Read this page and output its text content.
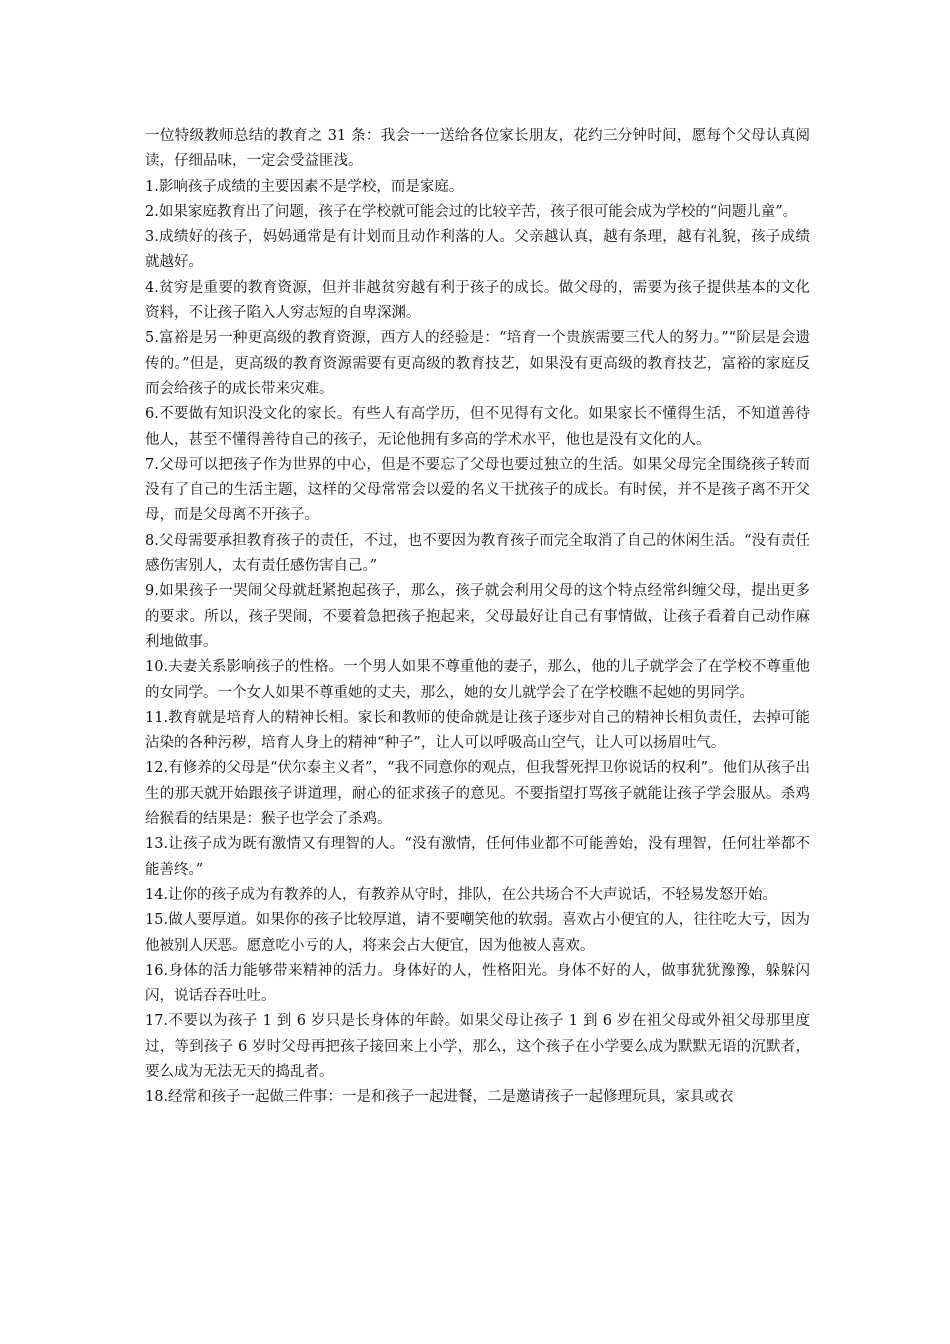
一位特级教师总结的教育之 31 条：我会一一送给各位家长朋友，花约三分钟时间，愿每个父母认真阅读，仔细品味，一定会受益匪浅。

1.影响孩子成绩的主要因素不是学校，而是家庭。

2.如果家庭教育出了问题，孩子在学校就可能会过的比较辛苦，孩子很可能会成为学校的“问题儿童”。

3.成绩好的孩子，妈妈通常是有计划而且动作利落的人。父亲越认真，越有条理，越有礼貌，孩子成绩就越好。

4.贫穷是重要的教育资源，但并非越贫穷越有利于孩子的成长。做父母的，需要为孩子提供基本的文化资料，不让孩子陷入人穷志短的自卑深渊。

5.富裕是另一种更高级的教育资源，西方人的经验是：“培育一个贵族需要三代人的努力。”“阶层是会遗传的。”但是，更高级的教育资源需要有更高级的教育技艺，如果没有更高级的教育技艺，富裕的家庭反而会给孩子的成长带来灾难。

6.不要做有知识没文化的家长。有些人有高学历，但不见得有文化。如果家长不懂得生活，不知道善待他人，甚至不懂得善待自己的孩子，无论他拥有多高的学术水平，他也是没有文化的人。

7.父母可以把孩子作为世界的中心，但是不要忘了父母也要过独立的生活。如果父母完全围绕孩子转而没有了自己的生活主题，这样的父母常常会以爱的名义干扰孩子的成长。有时侯，并不是孩子离不开父母，而是父母离不开孩子。

8.父母需要承担教育孩子的责任，不过，也不要因为教育孩子而完全取消了自己的休闲生活。“没有责任感伤害别人，太有责任感伤害自己。”

9.如果孩子一哭闹父母就赶紧抱起孩子，那么，孩子就会利用父母的这个特点经常纠缠父母，提出更多的要求。所以，孩子哭闹，不要着急把孩子抱起来，父母最好让自己有事情做，让孩子看着自己动作麻利地做事。

10.夫妻关系影响孩子的性格。一个男人如果不尊重他的妻子，那么，他的儿子就学会了在学校不尊重他的女同学。一个女人如果不尊重她的丈夫，那么，她的女儿就学会了在学校瞧不起她的男同学。

11.教育就是培育人的精神长相。家长和教师的使命就是让孩子逐步对自己的精神长相负责任，去掉可能沾染的各种污秽，培育人身上的精神“种子”，让人可以呼吸高山空气，让人可以扬眉吐气。

12.有修养的父母是“伏尔泰主义者”，“我不同意你的观点，但我誓死捍卫你说话的权利”。他们从孩子出生的那天就开始跟孩子讲道理，耐心的征求孩子的意见。不要指望打骂孩子就能让孩子学会服从。杀鸡给猴看的结果是：猴子也学会了杀鸡。

13.让孩子成为既有激情又有理智的人。“没有激情，任何伟业都不可能善始，没有理智，任何壮举都不能善终。”

14.让你的孩子成为有教养的人，有教养从守时，排队，在公共场合不大声说话，不轻易发怒开始。

15.做人要厚道。如果你的孩子比较厚道，请不要嘲笑他的软弱。喜欢占小便宜的人，往往吃大亏，因为他被别人厌恶。愿意吃小亏的人，将来会占大便宜，因为他被人喜欢。

16.身体的活力能够带来精神的活力。身体好的人，性格阳光。身体不好的人，做事犹犹豫豫，躲躲闪闪，说话吞吞吐吐。

17.不要以为孩子 1 到 6 岁只是长身体的年龄。如果父母让孩子 1 到 6 岁在祖父母或外祖父母那里度过，等到孩子 6 岁时父母再把孩子接回来上小学，那么，这个孩子在小学要么成为默默无语的沉默者，要么成为无法无天的捣乱者。

18.经常和孩子一起做三件事：一是和孩子一起进餐，二是邀请孩子一起修理玩具，家具或衣
